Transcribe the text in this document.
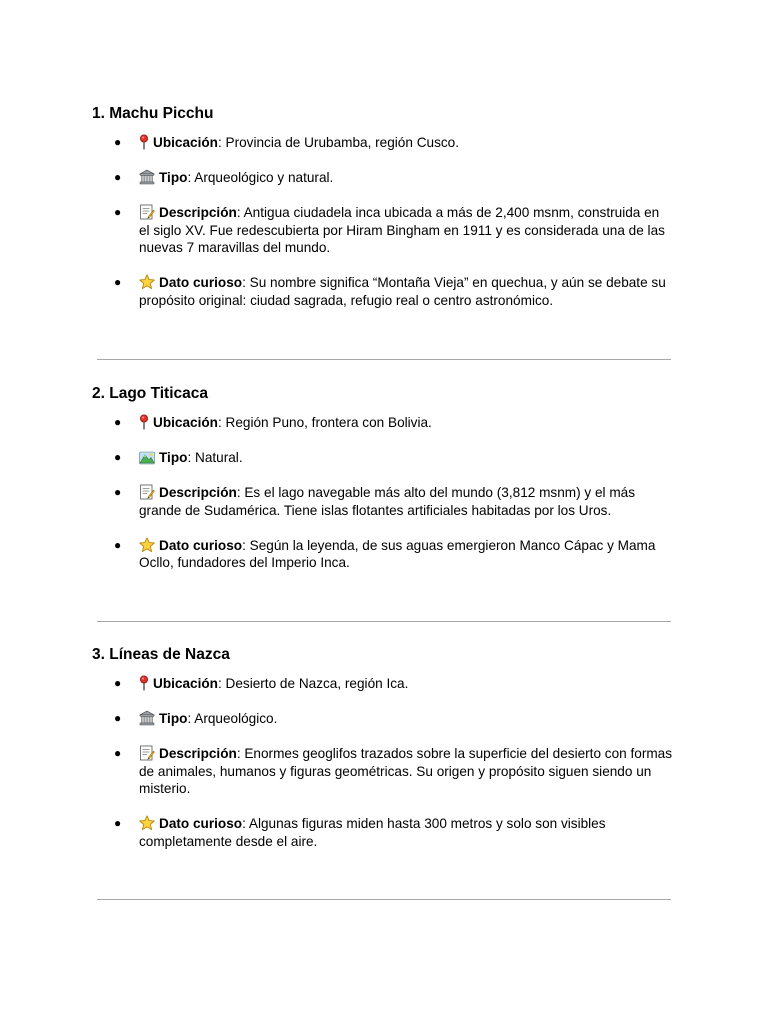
1. Machu Picchu
● Ubicación: Provincia de Urubamba, región Cusco.
●	Tipo: Arqueológico y natural.
●	Descripción: Antigua ciudadela inca ubicada a más de 2,400 msnm, construida en el siglo XV. Fue redescubierta por Hiram Bingham en 1911 y es considerada una de las nuevas 7 maravillas del mundo.
●	Dato curioso: Su nombre significa “Montaña Vieja” en quechua, y aún se debate su propósito original: ciudad sagrada, refugio real o centro astronómico.
2. Lago Titicaca
● Ubicación: Región Puno, frontera con Bolivia.
●	Tipo: Natural.
●	Descripción: Es el lago navegable más alto del mundo (3,812 msnm) y el más grande de Sudamérica. Tiene islas flotantes artificiales habitadas por los Uros.
●	Dato curioso: Según la leyenda, de sus aguas emergieron Manco Cápac y Mama Ocllo, fundadores del Imperio Inca.
3. Líneas de Nazca
● Ubicación: Desierto de Nazca, región Ica.
●	Tipo: Arqueológico.
●	Descripción: Enormes geoglifos trazados sobre la superficie del desierto con formas de animales, humanos y figuras geométricas. Su origen y propósito siguen siendo un misterio.
●	Dato curioso: Algunas figuras miden hasta 300 metros y solo son visibles completamente desde el aire.
